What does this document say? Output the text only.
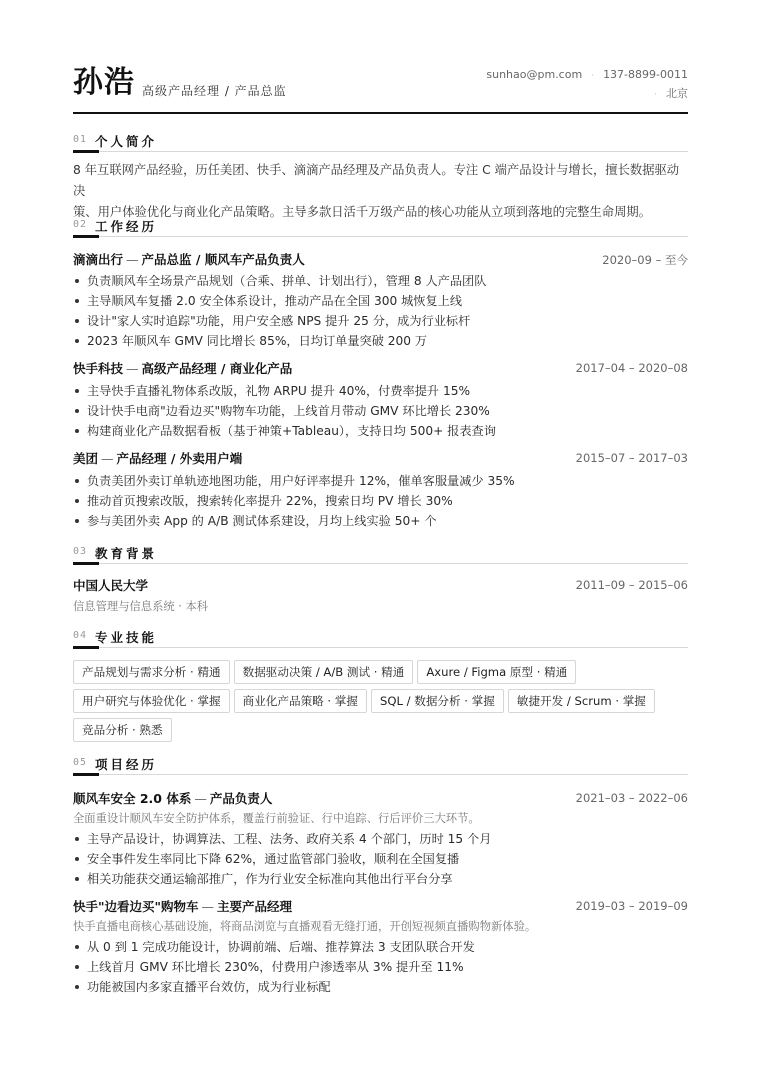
孙浩 高级产品经理 / 产品总监
sunhao@pm.com · 137-8899-0011
· 北京
01 个人简介
8 年互联网产品经验，历任美团、快手、滴滴产品经理及产品负责人。专注 C 端产品设计与增长，擅长数据驱动决
策、用户体验优化与商业化产品策略。主导多款日活千万级产品的核心功能从立项到落地的完整生命周期。
02 工作经历
滴滴出行 — 产品总监 / 顺风车产品负责人	2020–09 – 至今
负责顺风车全场景产品规划（合乘、拼单、计划出行），管理 8 人产品团队
主导顺风车复播 2.0 安全体系设计，推动产品在全国 300 城恢复上线
设计"家人实时追踪"功能，用户安全感 NPS 提升 25 分，成为行业标杆
2023 年顺风车 GMV 同比增长 85%，日均订单量突破 200 万
快手科技 — 高级产品经理 / 商业化产品	2017–04 – 2020–08
主导快手直播礼物体系改版，礼物 ARPU 提升 40%，付费率提升 15%
设计快手电商"边看边买"购物车功能，上线首月带动 GMV 环比增长 230%
构建商业化产品数据看板（基于神策+Tableau），支持日均 500+ 报表查询
美团 — 产品经理 / 外卖用户端	2015–07 – 2017–03
负责美团外卖订单轨迹地图功能，用户好评率提升 12%，催单客服量减少 35%
推动首页搜索改版，搜索转化率提升 22%，搜索日均 PV 增长 30%
参与美团外卖 App 的 A/B 测试体系建设，月均上线实验 50+ 个
03 教育背景
中国人民大学	2011–09 – 2015–06
信息管理与信息系统 · 本科
04 专业技能
产品规划与需求分析 · 精通 数据驱动决策 / A/B 测试 · 精通 Axure / Figma 原型 · 精通
用户研究与体验优化 · 掌握 商业化产品策略 · 掌握 SQL / 数据分析 · 掌握 敏捷开发 / Scrum · 掌握
竞品分析 · 熟悉
05 项目经历
顺风车安全 2.0 体系 — 产品负责人	2021–03 – 2022–06
全面重设计顺风车安全防护体系，覆盖行前验证、行中追踪、行后评价三大环节。
主导产品设计，协调算法、工程、法务、政府关系 4 个部门，历时 15 个月
安全事件发生率同比下降 62%，通过监管部门验收，顺利在全国复播
相关功能获交通运输部推广，作为行业安全标准向其他出行平台分享
快手"边看边买"购物车 — 主要产品经理	2019–03 – 2019–09
快手直播电商核心基础设施，将商品浏览与直播观看无缝打通，开创短视频直播购物新体验。
从 0 到 1 完成功能设计，协调前端、后端、推荐算法 3 支团队联合开发
上线首月 GMV 环比增长 230%，付费用户渗透率从 3% 提升至 11%
功能被国内多家直播平台效仿，成为行业标配
